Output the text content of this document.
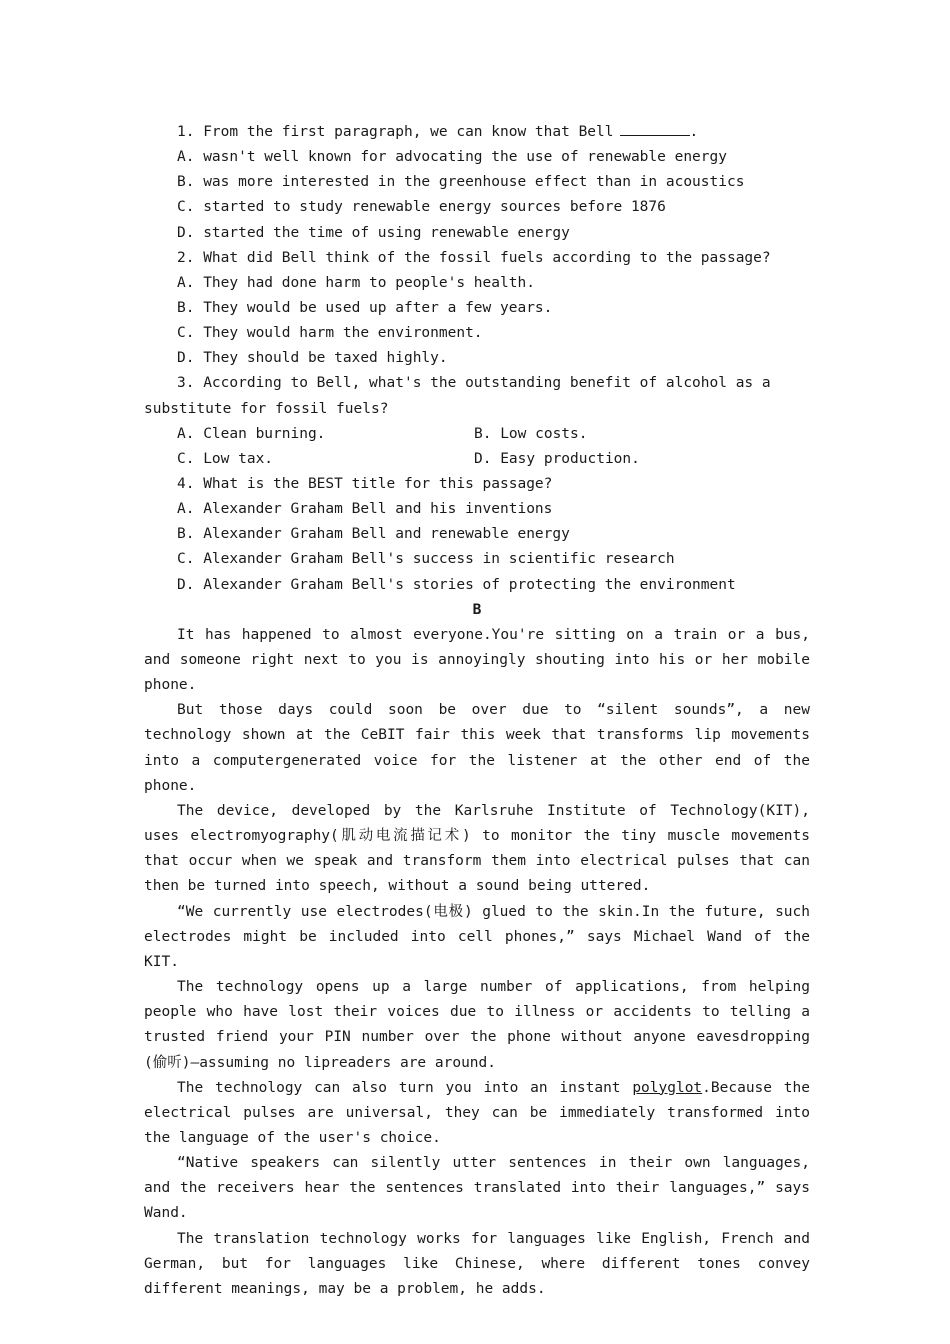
1. From the first paragraph, we can know that Bell	.
A. wasn't well known for advocating the use of renewable energy
B. was more interested in the greenhouse effect than in acoustics
C. started to study renewable energy sources before 1876
D. started the time of using renewable energy
2. What did Bell think of the fossil fuels according to the passage?
A. They had done harm to people's health.
B. They would be used up after a few years.
C. They would harm the environment.
D. They should be taxed highly.
3. According to Bell, what's the outstanding benefit of alcohol as a
substitute for fossil fuels?
A. Clean burning.	B. Low costs.
C. Low tax.	D. Easy production.
4. What is the BEST title for this passage?
A. Alexander Graham Bell and his inventions
B. Alexander Graham Bell and renewable energy
C. Alexander Graham Bell's success in scientific research
D. Alexander Graham Bell's stories of protecting the environment
B
It has happened to almost everyone.You're sitting on a train or a bus, and someone right next to you is annoyingly shouting into his or her mobile phone.
But those days could soon be over due to “silent sounds”, a new technology shown at the CeBIT fair this week that transforms lip movements into a computergenerated voice for the listener at the other end of the phone.
The device, developed by the Karlsruhe Institute of Technology(KIT), uses electromyography(肌动电流描记术) to monitor the tiny muscle movements that occur when we speak and transform them into electrical pulses that can then be turned into speech, without a sound being uttered.
“We currently use electrodes(电极) glued to the skin.In the future, such electrodes might be included into cell phones,” says Michael Wand of the KIT.
The technology opens up a large number of applications, from helping people who have lost their voices due to illness or accidents to telling a trusted friend your PIN number over the phone without anyone eavesdropping (偷听)—assuming no lipreaders are around.
The technology can also turn you into an instant polyglot.Because the electrical pulses are universal, they can be immediately transformed into the language of the user's choice.
“Native speakers can silently utter sentences in their own languages, and the receivers hear the sentences translated into their languages,” says Wand.
The translation technology works for languages like English, French and German, but for languages like Chinese, where different tones convey different meanings, may be a problem, he adds.
